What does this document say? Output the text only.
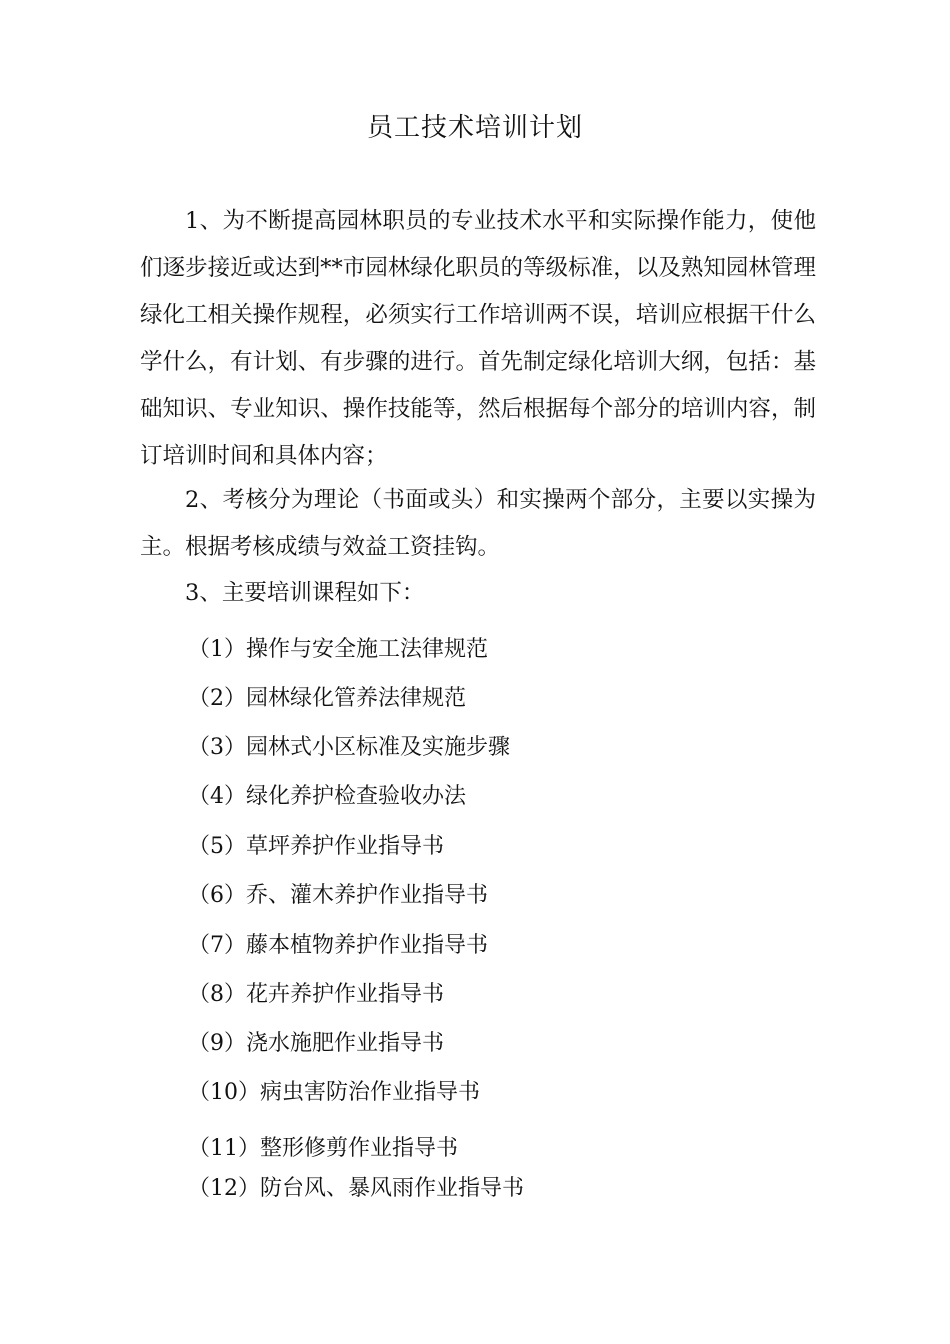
员工技术培训计划

1、为不断提高园林职员的专业技术水平和实际操作能力，使他们逐步接近或达到**市园林绿化职员的等级标准，以及熟知园林管理绿化工相关操作规程，必须实行工作培训两不误，培训应根据干什么学什么，有计划、有步骤的进行。首先制定绿化培训大纲，包括：基础知识、专业知识、操作技能等，然后根据每个部分的培训内容，制订培训时间和具体内容；

2、考核分为理论（书面或头）和实操两个部分，主要以实操为主。根据考核成绩与效益工资挂钩。

3、主要培训课程如下：

（1）操作与安全施工法律规范

（2）园林绿化管养法律规范

（3）园林式小区标准及实施步骤

（4）绿化养护检查验收办法

（5）草坪养护作业指导书

（6）乔、灌木养护作业指导书

（7）藤本植物养护作业指导书

（8）花卉养护作业指导书

（9）浇水施肥作业指导书

（10）病虫害防治作业指导书

（11）整形修剪作业指导书

（12）防台风、暴风雨作业指导书
